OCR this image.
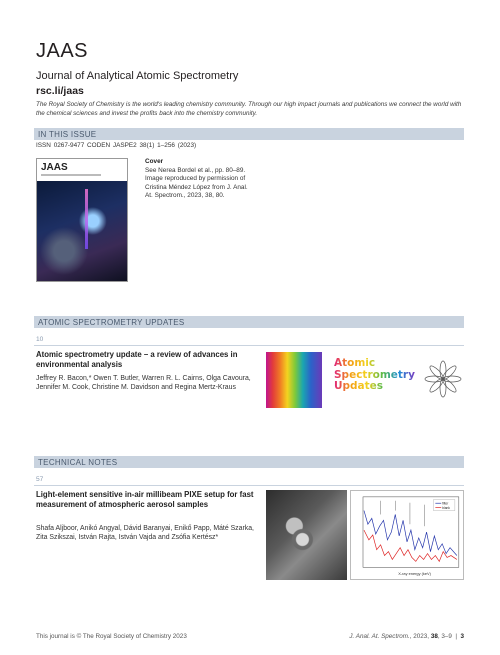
JAAS
Journal of Analytical Atomic Spectrometry
rsc.li/jaas
The Royal Society of Chemistry is the world's leading chemistry community. Through our high impact journals and publications we connect the world with the chemical sciences and invest the profits back into the chemistry community.
IN THIS ISSUE
ISSN 0267-9477 CODEN JASPE2 38(1) 1–256 (2023)
JAAS
Cover
See Nerea Bordel et al., pp. 80–89. Image reproduced by permission of Cristina Méndez López from J. Anal. At. Spectrom., 2023, 38, 80.
ATOMIC SPECTROMETRY UPDATES
10
Atomic spectrometry update – a review of advances in environmental analysis
Jeffrey R. Bacon,* Owen T. Butler, Warren R. L. Cairns, Olga Cavoura, Jennifer M. Cook, Christine M. Davidson and Regina Mertz-Kraus
Atomic
Spectrometry
Updates
TECHNICAL NOTES
57
Light-element sensitive in-air millibeam PIXE setup for fast measurement of atmospheric aerosol samples
Shafa Aljboor, Anikó Angyal, Dávid Baranyai, Enikő Papp, Máté Szarka, Zita Szikszai, István Rajta, István Vajda and Zsófia Kertész*
filter
blank
X-ray energy (keV)
This journal is © The Royal Society of Chemistry 2023	J. Anal. At. Spectrom., 2023, 38, 3–9  |  3
